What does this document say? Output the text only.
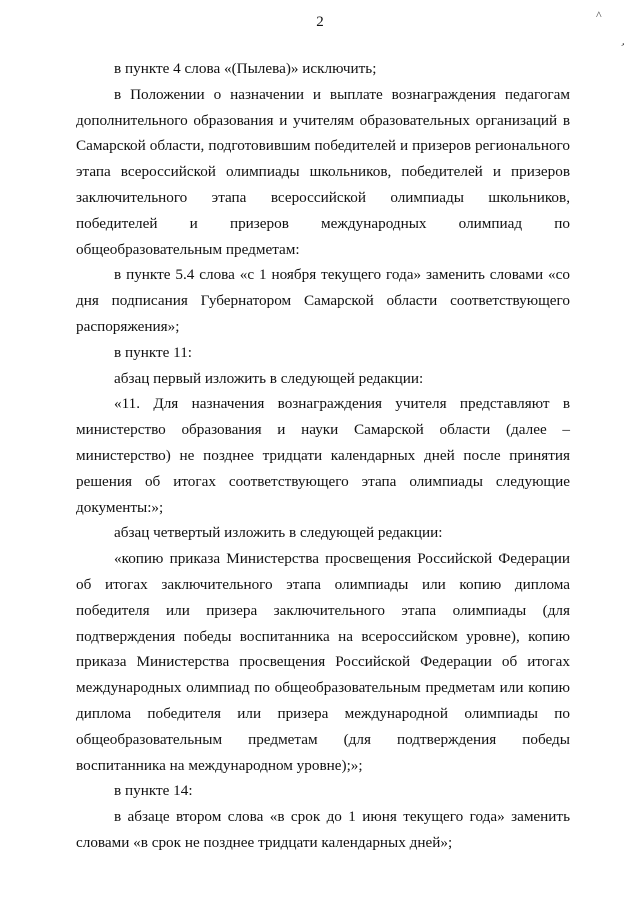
2	^
‚

в пункте 4 слова «(Пылева)» исключить;

в Положении о назначении и выплате вознаграждения педагогам дополнительного образования и учителям образовательных организаций в Самарской области, подготовившим победителей и призеров регионального этапа всероссийской олимпиады школьников, победителей и призеров заключительного этапа всероссийской олимпиады школьников, победителей и призеров международных олимпиад по общеобразовательным предметам:

в пункте 5.4 слова «с 1 ноября текущего года» заменить словами «со дня подписания Губернатором Самарской области соответствующего распоряжения»;

в пункте 11:

абзац первый изложить в следующей редакции:

«11. Для назначения вознаграждения учителя представляют в министерство образования и науки Самарской области (далее – министерство) не позднее тридцати календарных дней после принятия решения об итогах соответствующего этапа олимпиады следующие документы:»;

абзац четвертый изложить в следующей редакции:

«копию приказа Министерства просвещения Российской Федерации об итогах заключительного этапа олимпиады или копию диплома победителя или призера заключительного этапа олимпиады (для подтверждения победы воспитанника на всероссийском уровне), копию приказа Министерства просвещения Российской Федерации об итогах международных олимпиад по общеобразовательным предметам или копию диплома победителя или призера международной олимпиады по общеобразовательным предметам (для подтверждения победы воспитанника на международном уровне);»;

в пункте 14:

в абзаце втором слова «в срок до 1 июня текущего года» заменить словами «в срок не позднее тридцати календарных дней»;
